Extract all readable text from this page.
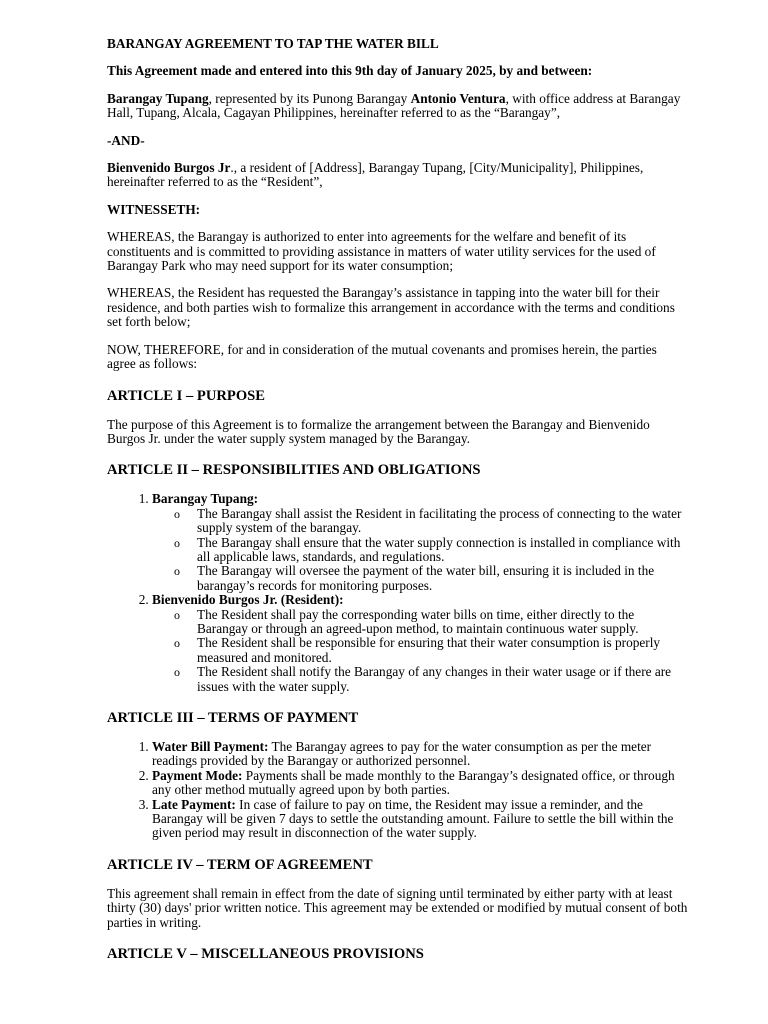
BARANGAY AGREEMENT TO TAP THE WATER BILL
This Agreement made and entered into this 9th day of January 2025, by and between:
Barangay Tupang, represented by its Punong Barangay Antonio Ventura, with office address at Barangay Hall, Tupang, Alcala, Cagayan Philippines, hereinafter referred to as the “Barangay”,
-AND-
Bienvenido Burgos Jr., a resident of [Address], Barangay Tupang, [City/Municipality], Philippines, hereinafter referred to as the “Resident”,
WITNESSETH:
WHEREAS, the Barangay is authorized to enter into agreements for the welfare and benefit of its constituents and is committed to providing assistance in matters of water utility services for the used of Barangay Park who may need support for its water consumption;
WHEREAS, the Resident has requested the Barangay’s assistance in tapping into the water bill for their residence, and both parties wish to formalize this arrangement in accordance with the terms and conditions set forth below;
NOW, THEREFORE, for and in consideration of the mutual covenants and promises herein, the parties agree as follows:
ARTICLE I – PURPOSE
The purpose of this Agreement is to formalize the arrangement between the Barangay and Bienvenido Burgos Jr. under the water supply system managed by the Barangay.
ARTICLE II – RESPONSIBILITIES AND OBLIGATIONS
1. Barangay Tupang:
o The Barangay shall assist the Resident in facilitating the process of connecting to the water supply system of the barangay.
o The Barangay shall ensure that the water supply connection is installed in compliance with all applicable laws, standards, and regulations.
o The Barangay will oversee the payment of the water bill, ensuring it is included in the barangay’s records for monitoring purposes.
2. Bienvenido Burgos Jr. (Resident):
o The Resident shall pay the corresponding water bills on time, either directly to the Barangay or through an agreed-upon method, to maintain continuous water supply.
o The Resident shall be responsible for ensuring that their water consumption is properly measured and monitored.
o The Resident shall notify the Barangay of any changes in their water usage or if there are issues with the water supply.
ARTICLE III – TERMS OF PAYMENT
1. Water Bill Payment: The Barangay agrees to pay for the water consumption as per the meter readings provided by the Barangay or authorized personnel.
2. Payment Mode: Payments shall be made monthly to the Barangay’s designated office, or through any other method mutually agreed upon by both parties.
3. Late Payment: In case of failure to pay on time, the Resident may issue a reminder, and the Barangay will be given 7 days to settle the outstanding amount. Failure to settle the bill within the given period may result in disconnection of the water supply.
ARTICLE IV – TERM OF AGREEMENT
This agreement shall remain in effect from the date of signing until terminated by either party with at least thirty (30) days' prior written notice. This agreement may be extended or modified by mutual consent of both parties in writing.
ARTICLE V – MISCELLANEOUS PROVISIONS
